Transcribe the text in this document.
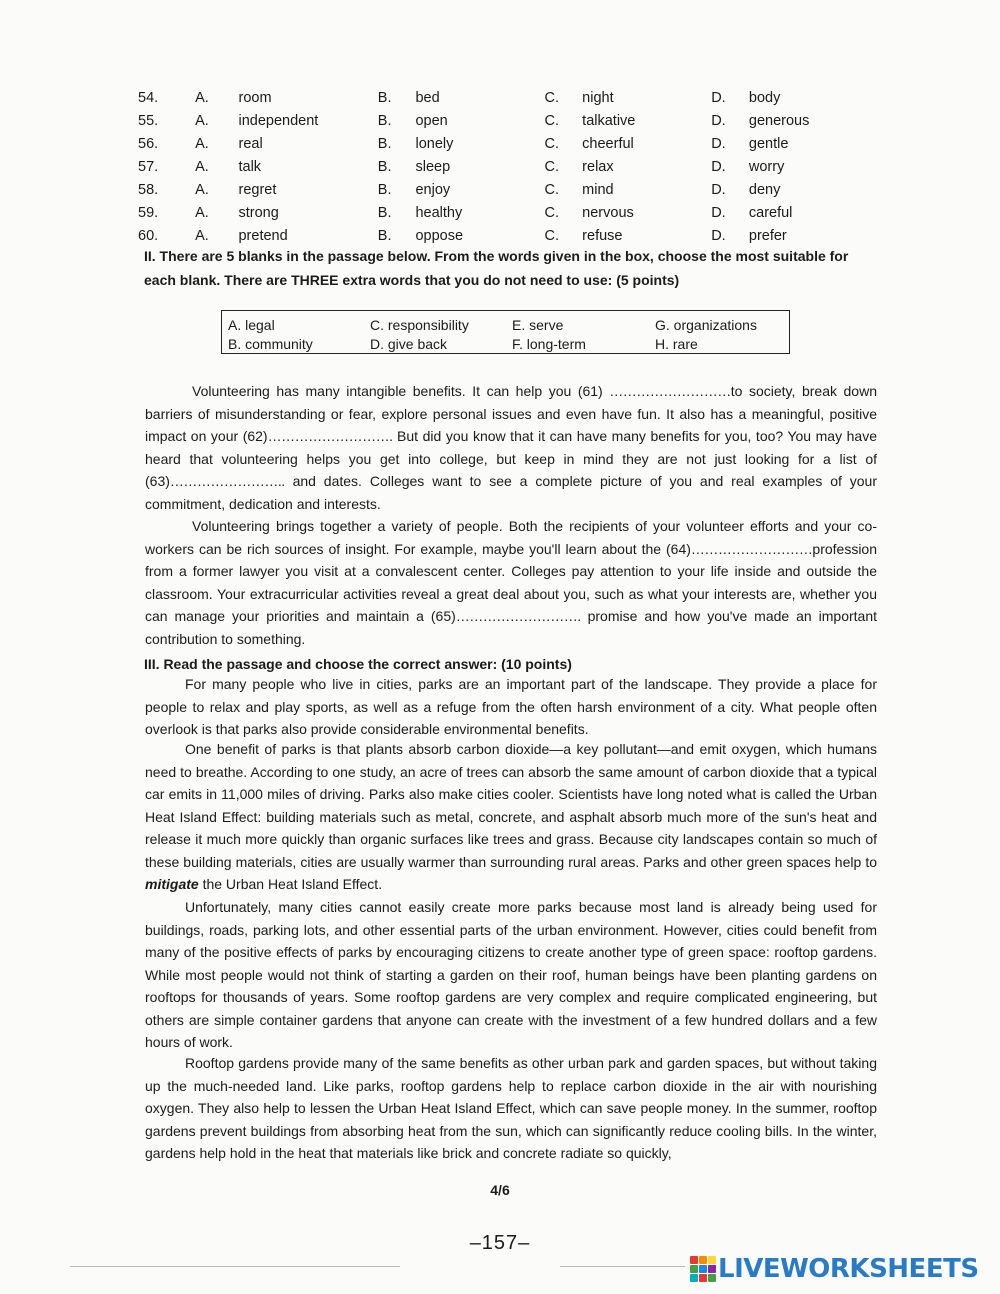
54.	A.	room	B.	bed	C.	night	D.	body
55.	A.	independent	B.	open	C.	talkative	D.	generous
56.	A.	real	B.	lonely	C.	cheerful	D.	gentle
57.	A.	talk	B.	sleep	C.	relax	D.	worry
58.	A.	regret	B.	enjoy	C.	mind	D.	deny
59.	A.	strong	B.	healthy	C.	nervous	D.	careful
60.	A.	pretend	B.	oppose	C.	refuse	D.	prefer
II. There are 5 blanks in the passage below. From the words given in the box, choose the most suitable for each blank. There are THREE extra words that you do not need to use: (5 points)
A. legal	C. responsibility	E. serve	G. organizations
B. community	D. give back	F. long-term	H. rare

Volunteering has many intangible benefits. It can help you (61) ………………………to society, break down barriers of misunderstanding or fear, explore personal issues and even have fun. It also has a meaningful, positive impact on your (62)………………………. But did you know that it can have many benefits for you, too? You may have heard that volunteering helps you get into college, but keep in mind they are not just looking for a list of (63)…………………….. and dates. Colleges want to see a complete picture of you and real examples of your commitment, dedication and interests.

Volunteering brings together a variety of people. Both the recipients of your volunteer efforts and your co-workers can be rich sources of insight. For example, maybe you'll learn about the (64)………………………profession from a former lawyer you visit at a convalescent center. Colleges pay attention to your life inside and outside the classroom. Your extracurricular activities reveal a great deal about you, such as what your interests are, whether you can manage your priorities and maintain a (65)………………………. promise and how you've made an important contribution to something.

III. Read the passage and choose the correct answer: (10 points)

For many people who live in cities, parks are an important part of the landscape. They provide a place for people to relax and play sports, as well as a refuge from the often harsh environment of a city. What people often overlook is that parks also provide considerable environmental benefits.

One benefit of parks is that plants absorb carbon dioxide—a key pollutant—and emit oxygen, which humans need to breathe. According to one study, an acre of trees can absorb the same amount of carbon dioxide that a typical car emits in 11,000 miles of driving. Parks also make cities cooler. Scientists have long noted what is called the Urban Heat Island Effect: building materials such as metal, concrete, and asphalt absorb much more of the sun's heat and release it much more quickly than organic surfaces like trees and grass. Because city landscapes contain so much of these building materials, cities are usually warmer than surrounding rural areas. Parks and other green spaces help to mitigate the Urban Heat Island Effect.

Unfortunately, many cities cannot easily create more parks because most land is already being used for buildings, roads, parking lots, and other essential parts of the urban environment. However, cities could benefit from many of the positive effects of parks by encouraging citizens to create another type of green space: rooftop gardens. While most people would not think of starting a garden on their roof, human beings have been planting gardens on rooftops for thousands of years. Some rooftop gardens are very complex and require complicated engineering, but others are simple container gardens that anyone can create with the investment of a few hundred dollars and a few hours of work.

Rooftop gardens provide many of the same benefits as other urban park and garden spaces, but without taking up the much-needed land. Like parks, rooftop gardens help to replace carbon dioxide in the air with nourishing oxygen. They also help to lessen the Urban Heat Island Effect, which can save people money. In the summer, rooftop gardens prevent buildings from absorbing heat from the sun, which can significantly reduce cooling bills. In the winter, gardens help hold in the heat that materials like brick and concrete radiate so quickly,

4/6
–157–
LIVEWORKSHEETS
